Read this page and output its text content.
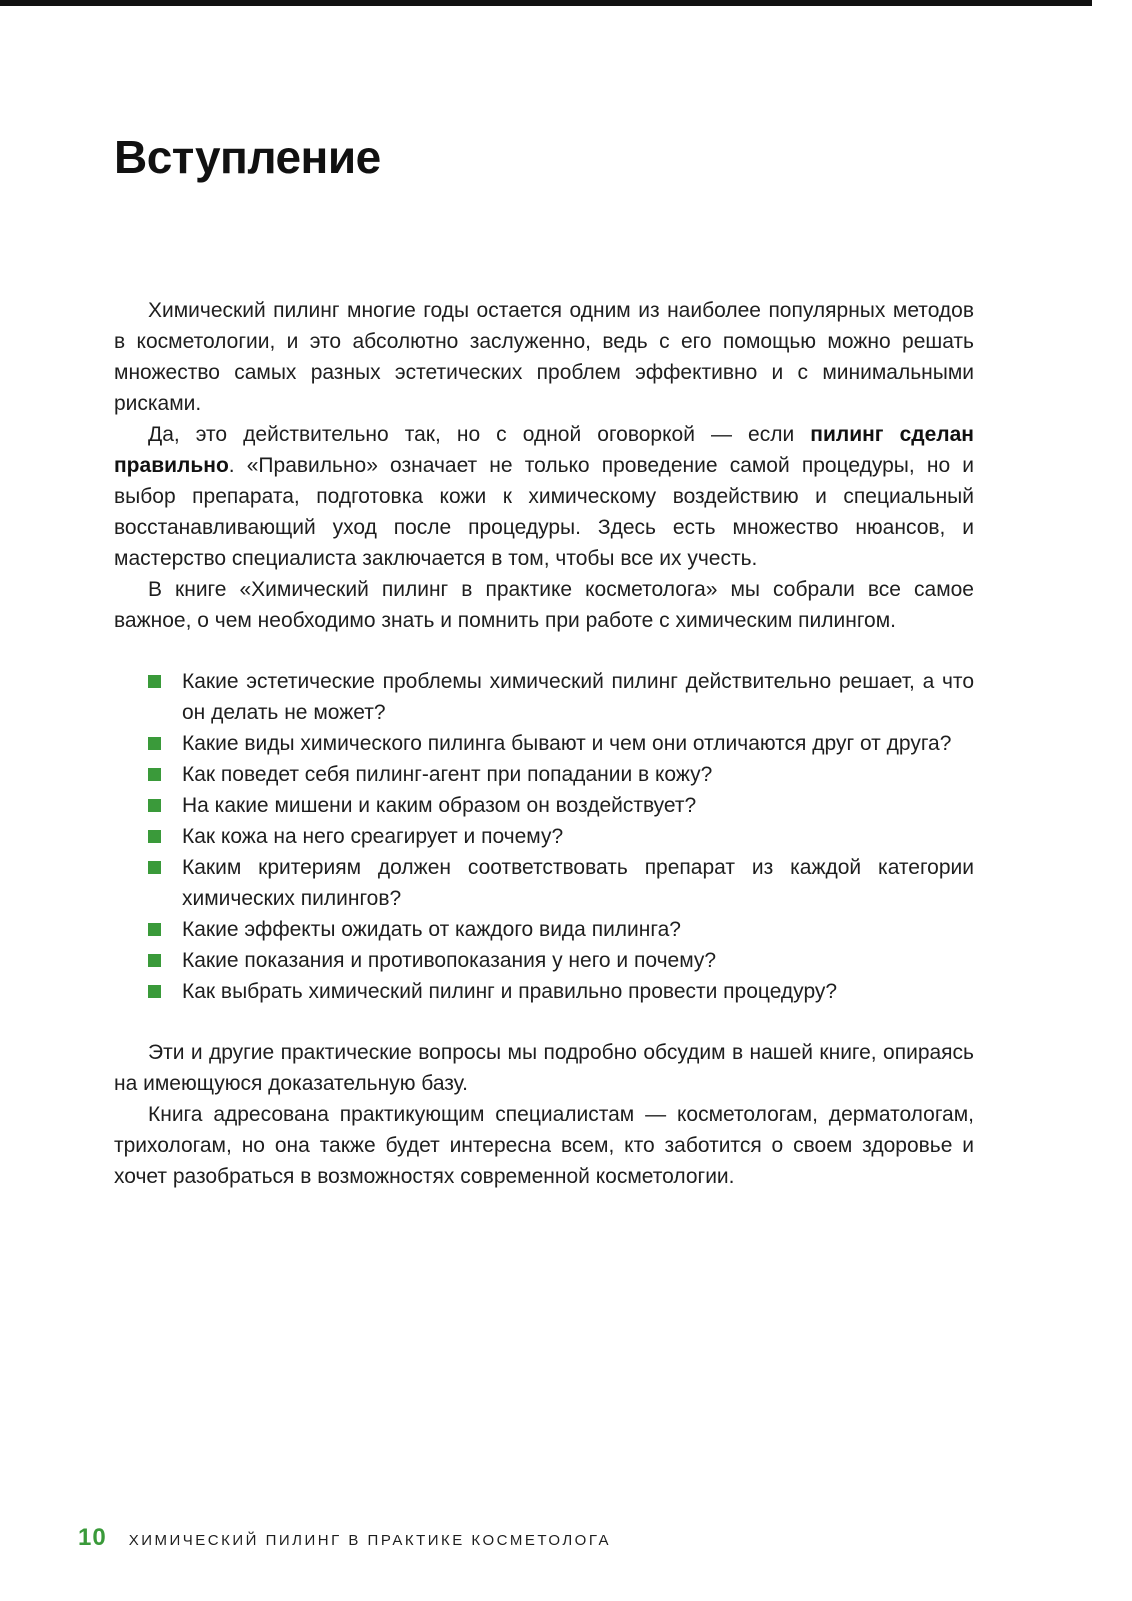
Вступление

Химический пилинг многие годы остается одним из наиболее популярных методов в косметологии, и это абсолютно заслуженно, ведь с его помощью можно решать множество самых разных эстетических проблем эффективно и с минимальными рисками.

Да, это действительно так, но с одной оговоркой — если пилинг сделан правильно. «Правильно» означает не только проведение самой процедуры, но и выбор препарата, подготовка кожи к химическому воздействию и специальный восстанавливающий уход после процедуры. Здесь есть множество нюансов, и мастерство специалиста заключается в том, чтобы все их учесть.

В книге «Химический пилинг в практике косметолога» мы собрали все самое важное, о чем необходимо знать и помнить при работе с химическим пилингом.

Какие эстетические проблемы химический пилинг действительно решает, а что он делать не может?
Какие виды химического пилинга бывают и чем они отличаются друг от друга?
Как поведет себя пилинг-агент при попадании в кожу?
На какие мишени и каким образом он воздействует?
Как кожа на него среагирует и почему?
Каким критериям должен соответствовать препарат из каждой категории химических пилингов?
Какие эффекты ожидать от каждого вида пилинга?
Какие показания и противопоказания у него и почему?
Как выбрать химический пилинг и правильно провести процедуру?

Эти и другие практические вопросы мы подробно обсудим в нашей книге, опираясь на имеющуюся доказательную базу.

Книга адресована практикующим специалистам — косметологам, дерматологам, трихологам, но она также будет интересна всем, кто заботится о своем здоровье и хочет разобраться в возможностях современной косметологии.

10 ХИМИЧЕСКИЙ ПИЛИНГ В ПРАКТИКЕ КОСМЕТОЛОГА
